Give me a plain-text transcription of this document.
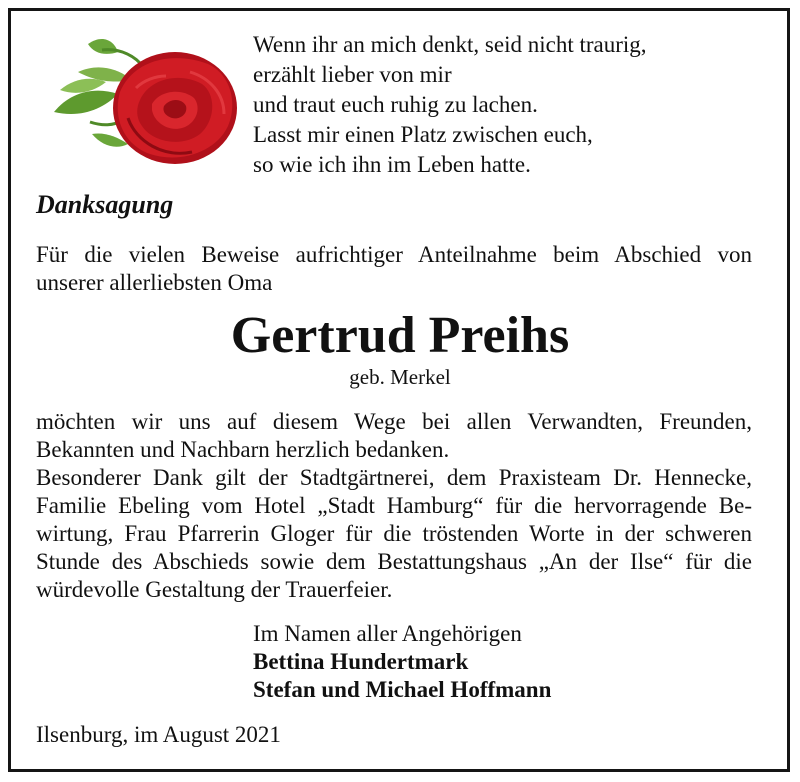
Wenn ihr an mich denkt, seid nicht traurig,
erzählt lieber von mir
und traut euch ruhig zu lachen.
Lasst mir einen Platz zwischen euch,
so wie ich ihn im Leben hatte.
Danksagung
Für die vielen Beweise aufrichtiger Anteilnahme beim Abschied von
unserer allerliebsten Oma
Gertrud Preihs
geb. Merkel
möchten wir uns auf diesem Wege bei allen Verwandten, Freunden,
Bekannten und Nachbarn herzlich bedanken.
Besonderer Dank gilt der Stadtgärtnerei, dem Praxisteam Dr. Hennecke,
Familie Ebeling vom Hotel „Stadt Hamburg“ für die hervorragende Be-
wirtung, Frau Pfarrerin Gloger für die tröstenden Worte in der schweren
Stunde des Abschieds sowie dem Bestattungshaus „An der Ilse“ für die
würdevolle Gestaltung der Trauerfeier.
Im Namen aller Angehörigen
Bettina Hundertmark
Stefan und Michael Hoffmann
Ilsenburg, im August 2021
